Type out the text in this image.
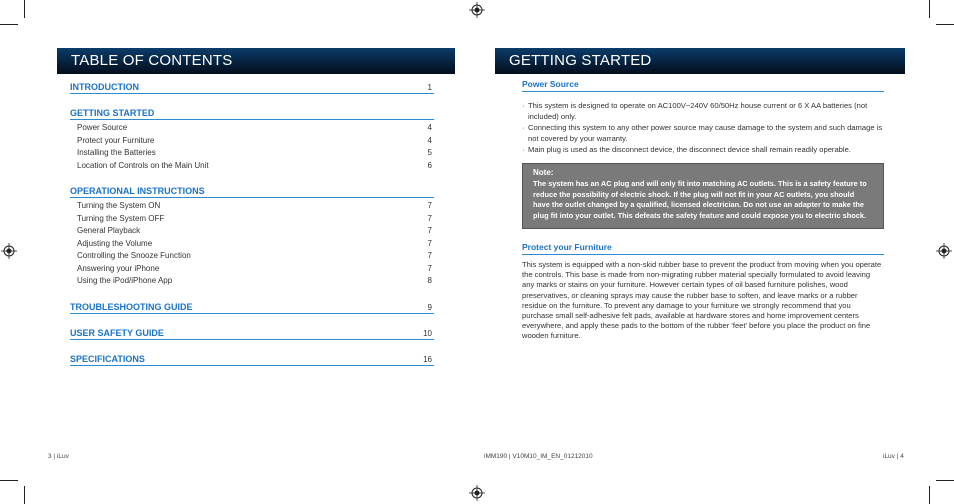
TABLE OF CONTENTS
INTRODUCTION	1
GETTING STARTED
Power Source	4
Protect your Furniture	4
Installing the Batteries	5
Location of Controls on the Main Unit	6
OPERATIONAL INSTRUCTIONS
Turning the System ON	7
Turning the System OFF	7
General Playback	7
Adjusting the Volume	7
Controlling the Snooze Function	7
Answering your iPhone	7
Using the iPod/iPhone App	8
TROUBLESHOOTING GUIDE	9
USER SAFETY GUIDE	10
SPECIFICATIONS	16
3 | iLuv
GETTING STARTED
Power Source
· This system is designed to operate on AC100V~240V 60/50Hz house current or 6 X AA batteries (not included) only.
· Connecting this system to any other power source may cause damage to the system and such damage is not covered by your warranty.
· Main plug is used as the disconnect device, the disconnect device shall remain readily operable.
Note:
The system has an AC plug and will only fit into matching AC outlets. This is a safety feature to reduce the possibility of electric shock. If the plug will not fit in your AC outlets, you should have the outlet changed by a qualified, licensed electrician. Do not use an adapter to make the plug fit into your outlet. This defeats the safety feature and could expose you to electric shock.
Protect your Furniture
This system is equipped with a non-skid rubber base to prevent the product from moving when you operate the controls. This base is made from non-migrating rubber material specially formulated to avoid leaving any marks or stains on your furniture. However certain types of oil based furniture polishes, wood preservatives, or cleaning sprays may cause the rubber base to soften, and leave marks or a rubber residue on the furniture. To prevent any damage to your furniture we strongly recommend that you purchase small self-adhesive felt pads, available at hardware stores and home improvement centers everywhere, and apply these pads to the bottom of the rubber 'feet' before you place the product on fine wooden furniture.
iMM190 | V10M10_IM_EN_01212010	iLuv | 4
